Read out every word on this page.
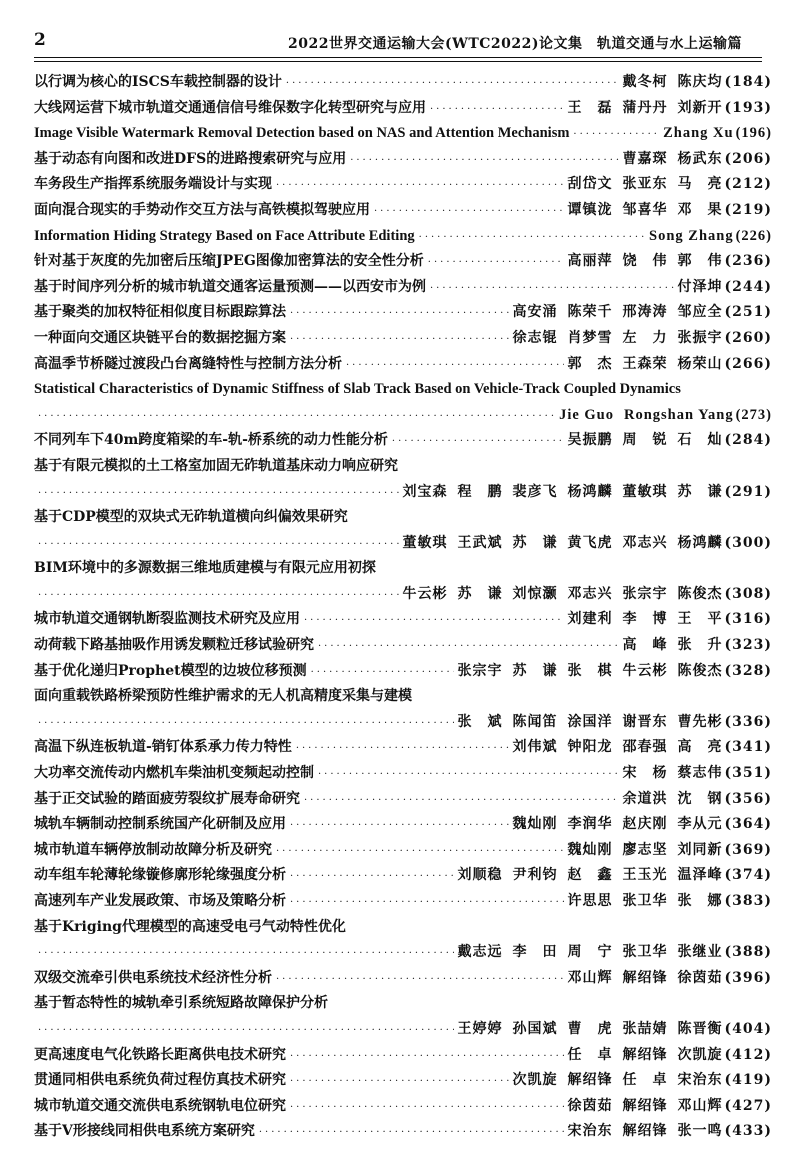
2	2022世界交通运输大会(WTC2022)论文集　轨道交通与水上运输篇
以行调为核心的ISCS车载控制器的设计 ·····	戴冬柯 陈庆均 (184)
大线网运营下城市轨道交通通信信号维保数字化转型研究与应用 ·····	王　磊 蒲丹丹 刘新开 (193)
Image Visible Watermark Removal Detection based on NAS and Attention Mechanism ·····	Zhang Xu (196)
基于动态有向图和改进DFS的进路搜索研究与应用 ·····	曹嘉琛 杨武东 (206)
车务段生产指挥系统服务端设计与实现 ·····	刮岱文 张亚东 马　亮 (212)
面向混合现实的手势动作交互方法与高铁模拟驾驶应用 ·····	谭镇泷 邹喜华 邓　果 (219)
Information Hiding Strategy Based on Face Attribute Editing ·····	Song Zhang (226)
针对基于灰度的先加密后压缩JPEG图像加密算法的安全性分析 ·····	高丽萍 饶　伟 郭　伟 (236)
基于时间序列分析的城市轨道交通客运量预测——以西安市为例 ·····	付泽坤 (244)
基于聚类的加权特征相似度目标跟踪算法 ·····	高安涌 陈荣千 邢涛涛 邹应全 (251)
一种面向交通区块链平台的数据挖掘方案 ·····	徐志锟 肖梦雪 左　力 张振宇 (260)
高温季节桥隧过渡段凸台离缝特性与控制方法分析 ·····	郭　杰 王森荣 杨荣山 (266)
Statistical Characteristics of Dynamic Stiffness of Slab Track Based on Vehicle-Track Coupled Dynamics
·····
Jie Guo Rongshan Yang (273)
不同列车下40m跨度箱梁的车-轨-桥系统的动力性能分析 ·····	吴振鹏 周　锐 石　灿 (284)
基于有限元模拟的土工格室加固无砟轨道基床动力响应研究
·····
刘宝森 程　鹏 裴彦飞 杨鸿麟 董敏琪 苏　谦 (291)
基于CDP模型的双块式无砟轨道横向纠偏效果研究
·····
董敏琪 王武斌 苏　谦 黄飞虎 邓志兴 杨鸿麟 (300)
BIM环境中的多源数据三维地质建模与有限元应用初探
·····
牛云彬 苏　谦 刘惊灏 邓志兴 张宗宇 陈俊杰 (308)
城市轨道交通钢轨断裂监测技术研究及应用 ·····	刘建利 李　博 王　平 (316)
动荷载下路基抽吸作用诱发颗粒迁移试验研究 ·····	高　峰 张　升 (323)
基于优化递归Prophet模型的边坡位移预测 ·····	张宗宇 苏　谦 张　棋 牛云彬 陈俊杰 (328)
面向重载铁路桥梁预防性维护需求的无人机高精度采集与建模
·····
张　斌 陈闻笛 涂国洋 谢晋东 曹先彬 (336)
高温下纵连板轨道-销钉体系承力传力特性 ·····	刘伟斌 钟阳龙 邵春强 高　亮 (341)
大功率交流传动内燃机车柴油机变频起动控制 ·····	宋　杨 蔡志伟 (351)
基于正交试验的踏面疲劳裂纹扩展寿命研究 ·····	余道洪 沈　钢 (356)
城轨车辆制动控制系统国产化研制及应用 ·····	魏灿刚 李润华 赵庆刚 李从元 (364)
城市轨道车辆停放制动故障分析及研究 ·····	魏灿刚 廖志坚 刘同新 (369)
动车组车轮薄轮缘镟修廓形轮缘强度分析 ·····	刘顺稳 尹利钧 赵　鑫 王玉光 温泽峰 (374)
高速列车产业发展政策、市场及策略分析 ·····	许思思 张卫华 张　娜 (383)
基于Kriging代理模型的高速受电弓气动特性优化
·····
戴志远 李　田 周　宁 张卫华 张继业 (388)
双级交流牵引供电系统技术经济性分析 ·····	邓山辉 解绍锋 徐茵茹 (396)
基于暂态特性的城轨牵引系统短路故障保护分析
·····
王婷婷 孙国斌 曹　虎 张喆婧 陈晋衡 (404)
更高速度电气化铁路长距离供电技术研究 ·····	任　卓 解绍锋 次凯旋 (412)
贯通同相供电系统负荷过程仿真技术研究 ·····	次凯旋 解绍锋 任　卓 宋治东 (419)
城市轨道交通交流供电系统钢轨电位研究 ·····	徐茵茹 解绍锋 邓山辉 (427)
基于V形接线同相供电系统方案研究 ·····	宋治东 解绍锋 张一鸣 (433)
